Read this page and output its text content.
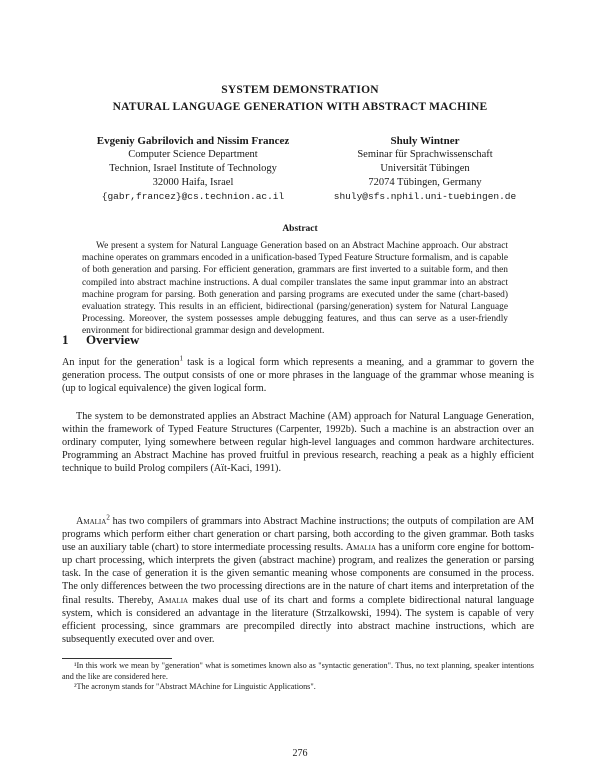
SYSTEM DEMONSTRATION
NATURAL LANGUAGE GENERATION WITH ABSTRACT MACHINE
Evgeniy Gabrilovich and Nissim Francez
Computer Science Department
Technion, Israel Institute of Technology
32000 Haifa, Israel
{gabr,francez}@cs.technion.ac.il
Shuly Wintner
Seminar für Sprachwissenschaft
Universität Tübingen
72074 Tübingen, Germany
shuly@sfs.nphil.uni-tuebingen.de
Abstract

We present a system for Natural Language Generation based on an Abstract Machine approach. Our abstract machine operates on grammars encoded in a unification-based Typed Feature Structure formalism, and is capable of both generation and parsing. For efficient generation, grammars are first inverted to a suitable form, and then compiled into abstract machine instructions. A dual compiler translates the same input grammar into an abstract machine program for parsing. Both generation and parsing programs are executed under the same (chart-based) evaluation strategy. This results in an efficient, bidirectional (parsing/generation) system for Natural Language Processing. Moreover, the system possesses ample debugging features, and thus can serve as a user-friendly environment for bidirectional grammar design and development.

1 Overview

An input for the generation$^1$ task is a logical form which represents a meaning, and a grammar to govern the generation process. The output consists of one or more phrases in the language of the grammar whose meaning is (up to logical equivalence) the given logical form.

The system to be demonstrated applies an Abstract Machine (AM) approach for Natural Language Generation, within the framework of Typed Feature Structures (Carpenter, 1992b). Such a machine is an abstraction over an ordinary computer, lying somewhere between regular high-level languages and common hardware architectures. Programming an Abstract Machine has proved fruitful in previous research, reaching a peak as a highly efficient technique to build Prolog compilers (Aït-Kaci, 1991).

Amalia$^2$ has two compilers of grammars into Abstract Machine instructions; the outputs of compilation are AM programs which perform either chart generation or chart parsing, both according to the given grammar. Both tasks use an auxiliary table (chart) to store intermediate processing results. Amalia has a uniform core engine for bottom-up chart processing, which interprets the given (abstract machine) program, and realizes the generation or parsing task. In the case of generation it is the given semantic meaning whose components are consumed in the process. The only differences between the two processing directions are in the nature of chart items and interpretation of the final results. Thereby, Amalia makes dual use of its chart and forms a complete bidirectional natural language system, which is considered an advantage in the literature (Strzalkowski, 1994). The system is capable of very efficient processing, since grammars are precompiled directly into abstract machine instructions, which are subsequently executed over and over.

¹In this work we mean by "generation" what is sometimes known also as "syntactic generation". Thus, no text planning, speaker intentions and the like are considered here.

²The acronym stands for "Abstract MAchine for Linguistic Applications".

276
